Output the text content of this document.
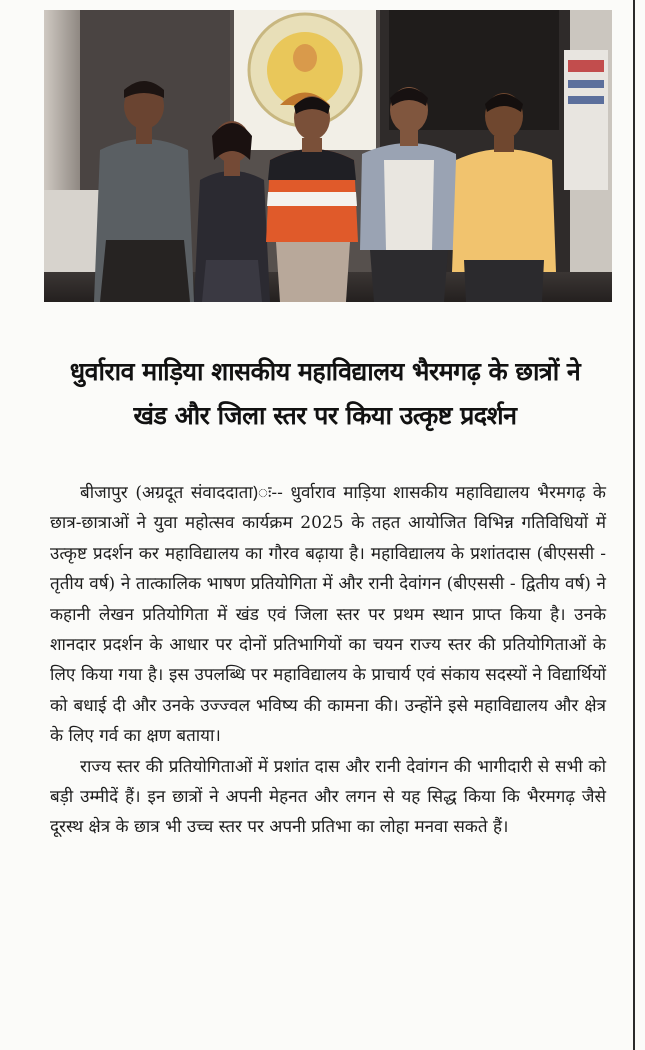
धुर्वाराव माड़िया शासकीय महाविद्यालय भैरमगढ़ के छात्रों ने
खंड और जिला स्तर पर किया उत्कृष्ट प्रदर्शन

बीजापुर (अग्रदूत संवाददाता)ः-- धुर्वाराव माड़िया शासकीय महाविद्यालय भैरमगढ़ के छात्र-छात्राओं ने युवा महोत्सव कार्यक्रम 2025 के तहत आयोजित विभिन्न गतिविधियों में उत्कृष्ट प्रदर्शन कर महाविद्यालय का गौरव बढ़ाया है। महाविद्यालय के प्रशांतदास (बीएससी - तृतीय वर्ष) ने तात्कालिक भाषण प्रतियोगिता में और रानी देवांगन (बीएससी - द्वितीय वर्ष) ने कहानी लेखन प्रतियोगिता में खंड एवं जिला स्तर पर प्रथम स्थान प्राप्त किया है। उनके शानदार प्रदर्शन के आधार पर दोनों प्रतिभागियों का चयन राज्य स्तर की प्रतियोगिताओं के लिए किया गया है। इस उपलब्धि पर महाविद्यालय के प्राचार्य एवं संकाय सदस्यों ने विद्यार्थियों को बधाई दी और उनके उज्ज्वल भविष्य की कामना की। उन्होंने इसे महाविद्यालय और क्षेत्र के लिए गर्व का क्षण बताया।

राज्य स्तर की प्रतियोगिताओं में प्रशांत दास और रानी देवांगन की भागीदारी से सभी को बड़ी उम्मीदें हैं। इन छात्रों ने अपनी मेहनत और लगन से यह सिद्ध किया कि भैरमगढ़ जैसे दूरस्थ क्षेत्र के छात्र भी उच्च स्तर पर अपनी प्रतिभा का लोहा मनवा सकते हैं।
